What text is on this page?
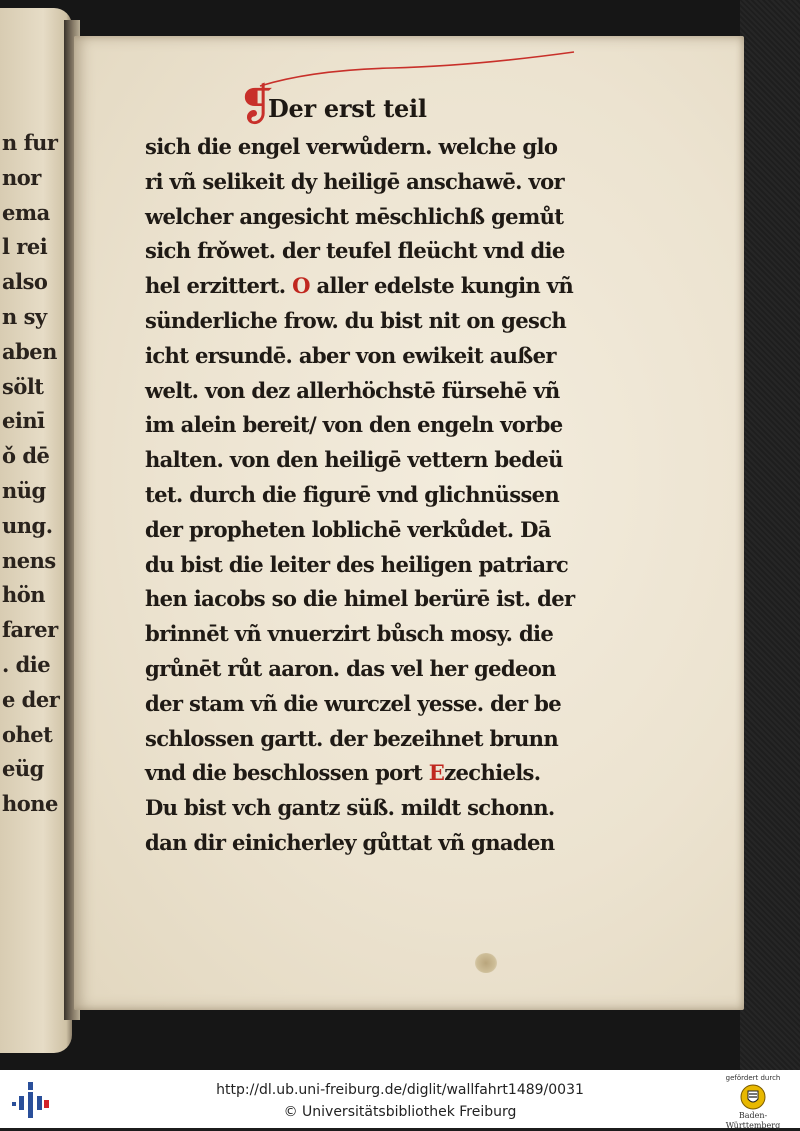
n fur
nor
ema
l rei
also
n sy
aben
sölt
einī
ǒ dē
nüg
ung.
nens
hön
farer
. die
e der
ohet
eüg
hone
❡
Der erst teil
sich die engel verwůdern. welche glo
ri vñ selikeit dy heiligē anschawē. vor
welcher angesicht mēschlichß gemůt
sich frǒwet. der teufel fleücht vnd die
hel erzittert. O aller edelste kungin vñ
sünderliche frow. du bist nit on gesch
icht ersundē. aber von ewikeit außer
welt. von dez allerhöchstē fürsehē vñ
im alein bereit/ von den engeln vorbe
halten. von den heiligē vettern bedeü
tet. durch die figurē vnd glichnüssen
der propheten loblichē verkůdet. Dā
du bist die leiter des heiligen patriarc
hen iacobs so die himel berürē ist. der
brinnēt vñ vnuerzirt bůsch mosy. die
grůnēt růt aaron. das vel her gedeon
der stam vñ die wurczel yesse. der be
schlossen gartt. der bezeihnet brunn
vnd die beschlossen port Ezechiels.
Du bist vch gantz süß. mildt schonn.
dan dir einicherley gůttat vñ gnaden
http://dl.ub.uni-freiburg.de/diglit/wallfahrt1489/0031
© Universitätsbibliothek Freiburg
gefördert durch
Baden-Württemberg
